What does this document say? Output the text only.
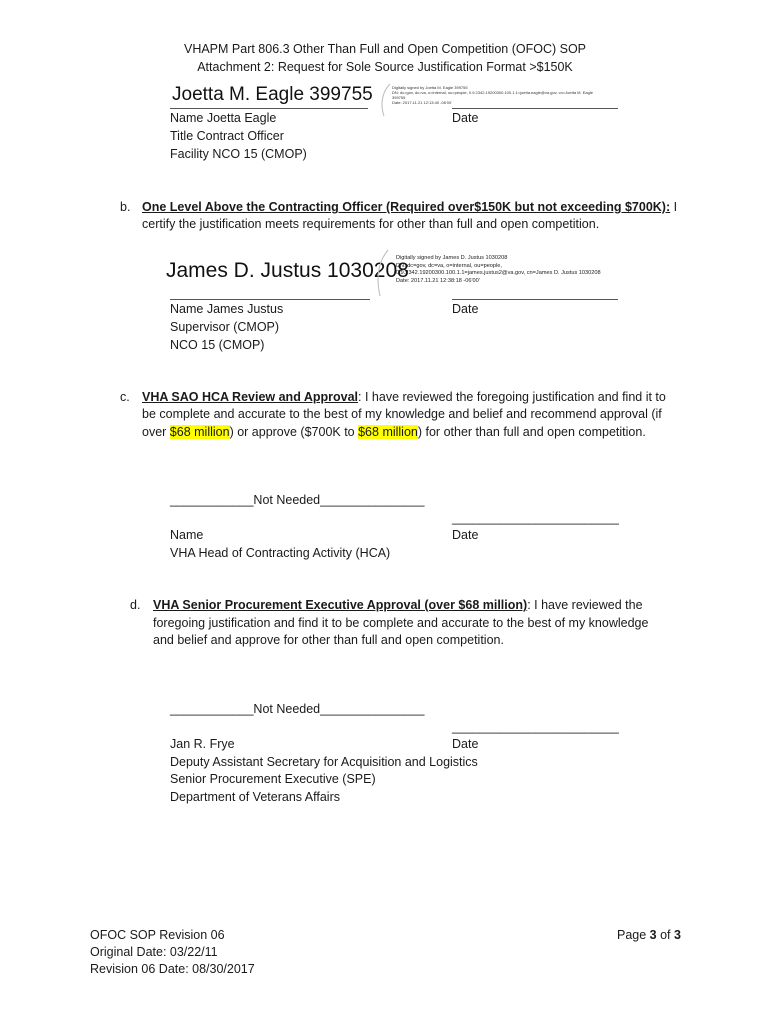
VHAPM Part 806.3 Other Than Full and Open Competition (OFOC) SOP
Attachment 2: Request for Sole Source Justification Format >$150K
Joetta M. Eagle 399755	Digitally signed by Joetta M. Eagle 399755
DN: dc=gov, dc=va, o=internal, ou=people, 0.9.2342.19200300.100.1.1=joetta.eagle@va.gov, cn=Joetta M. Eagle
399755
Date: 2017.11.21 12:13:40 -06'00'
Name Joetta Eagle	Date
Title Contract Officer
Facility NCO 15 (CMOP)
b. One Level Above the Contracting Officer (Required over$150K but not exceeding $700K): I
certify the justification meets requirements for other than full and open competition.
James D. Justus 1030208
Digitally signed by James D. Justus 1030208
DN: dc=gov, dc=va, o=internal, ou=people,
0.9.2342.19200300.100.1.1=james.justus2@va.gov, cn=James D. Justus 1030208
Date: 2017.11.21 12:38:18 -06'00'
Name James Justus	Date
Supervisor (CMOP)
NCO 15 (CMOP)
c. VHA SAO HCA Review and Approval: I have reviewed the foregoing justification and find it to
be complete and accurate to the best of my knowledge and belief and recommend approval (if
over $68 million) or approve ($700K to $68 million) for other than full and open competition.
____________Not Needed_______________
________________________
Name	Date
VHA Head of Contracting Activity (HCA)
d. VHA Senior Procurement Executive Approval (over $68 million): I have reviewed the
foregoing justification and find it to be complete and accurate to the best of my knowledge
and belief and approve for other than full and open competition.
____________Not Needed_______________
________________________
Jan R. Frye	Date
Deputy Assistant Secretary for Acquisition and Logistics
Senior Procurement Executive (SPE)
Department of Veterans Affairs
OFOC SOP Revision 06
Original Date: 03/22/11
Revision 06 Date: 08/30/2017
Page 3 of 3
